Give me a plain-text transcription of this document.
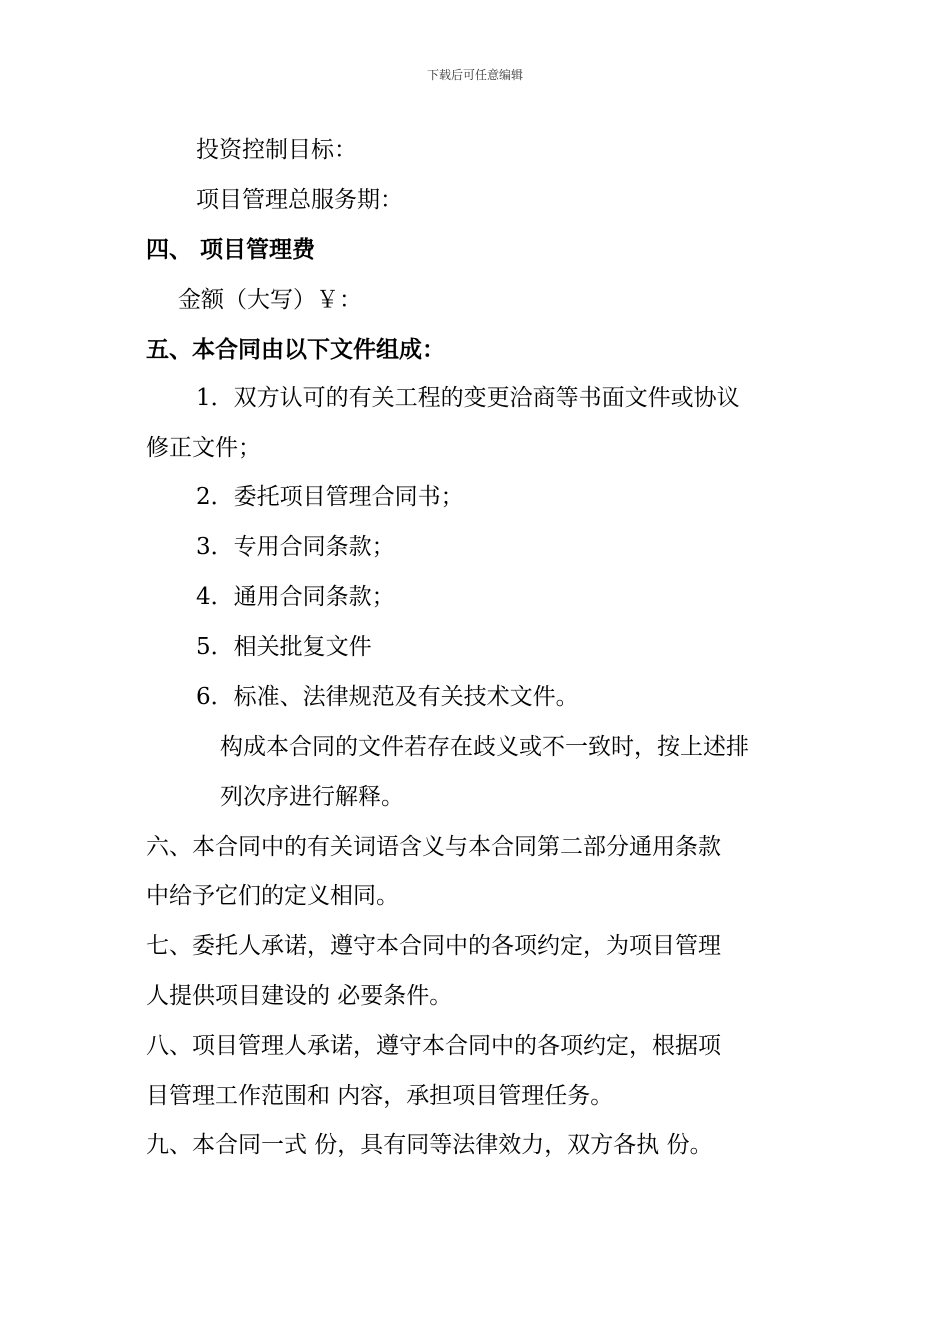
下载后可任意编辑
投资控制目标：
项目管理总服务期：
四、 项目管理费
金额（大写）￥：
五、本合同由以下文件组成：
1．双方认可的有关工程的变更洽商等书面文件或协议
修正文件；
2．委托项目管理合同书；
3．专用合同条款；
4．通用合同条款；
5．相关批复文件
6．标准、法律规范及有关技术文件。
构成本合同的文件若存在歧义或不一致时，按上述排
列次序进行解释。
六、本合同中的有关词语含义与本合同第二部分通用条款
中给予它们的定义相同。
七、委托人承诺，遵守本合同中的各项约定，为项目管理
人提供项目建设的 必要条件。
八、项目管理人承诺，遵守本合同中的各项约定，根据项
目管理工作范围和 内容，承担项目管理任务。
九、本合同一式 份，具有同等法律效力，双方各执 份。
